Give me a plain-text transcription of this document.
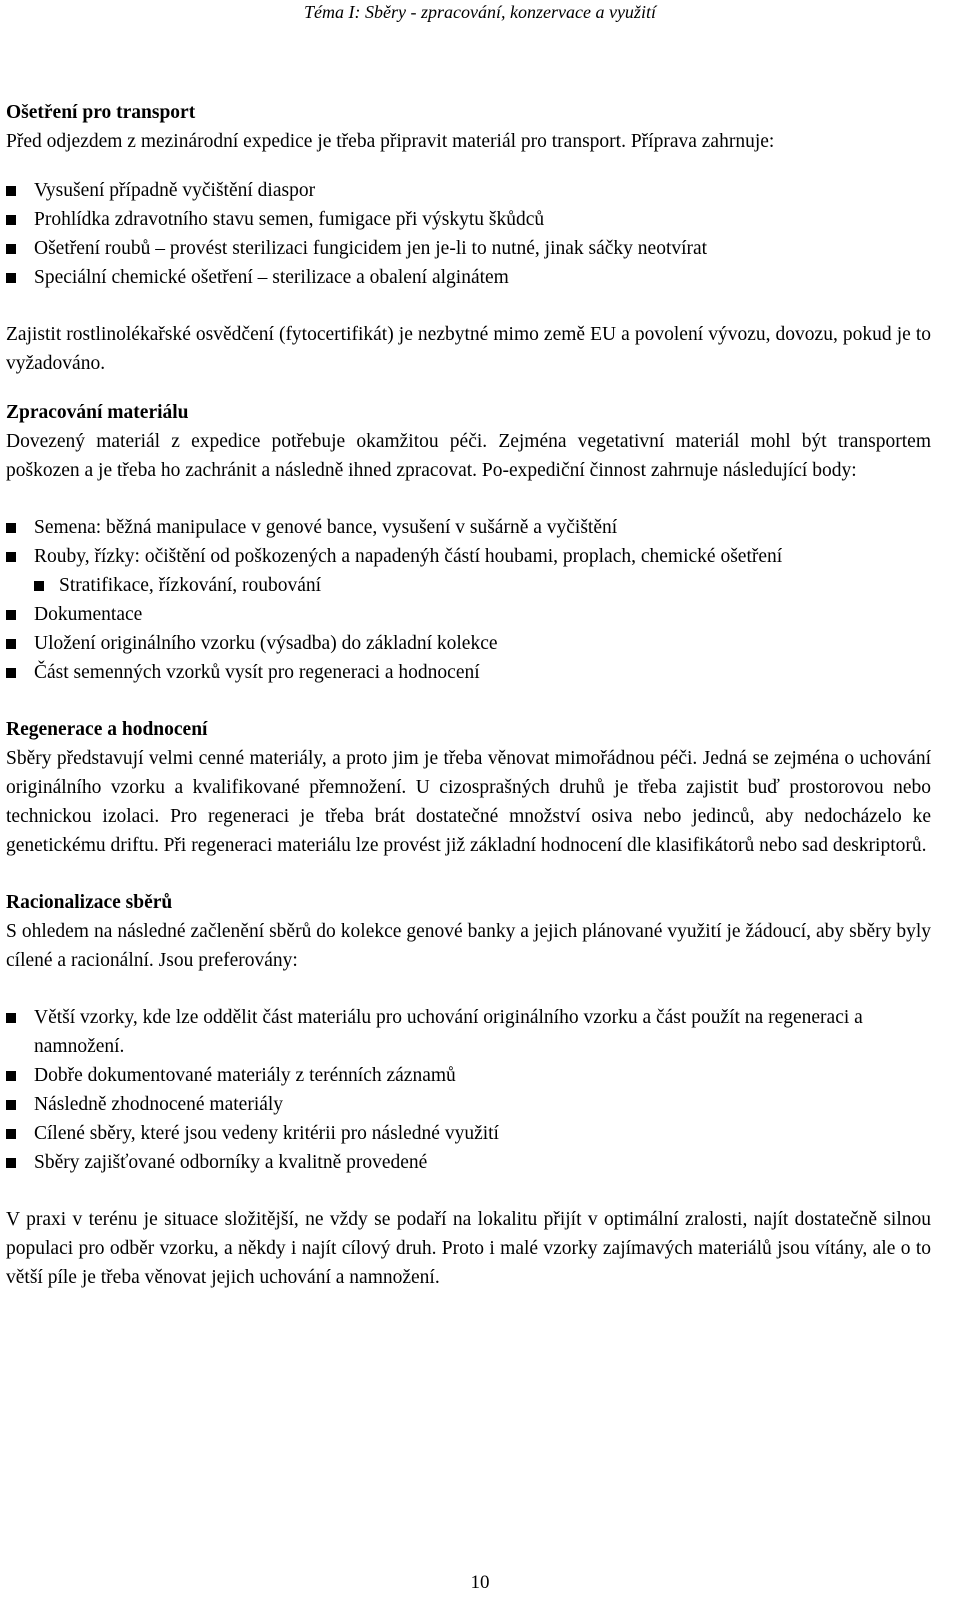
Téma I: Sběry - zpracování, konzervace a využití
Ošetření pro transport

Před odjezdem z mezinárodní expedice je třeba připravit materiál pro transport. Příprava zahrnuje:

Vysušení případně vyčištění diaspor
Prohlídka zdravotního stavu semen, fumigace při výskytu škůdců
Ošetření roubů – provést sterilizaci fungicidem jen je-li to nutné, jinak sáčky neotvírat
Speciální chemické ošetření – sterilizace a obalení alginátem

Zajistit rostlinolékařské osvědčení (fytocertifikát) je nezbytné mimo země EU a povolení vývozu, dovozu, pokud je to vyžadováno.

Zpracování materiálu

Dovezený materiál z expedice potřebuje okamžitou péči. Zejména vegetativní materiál mohl být transportem poškozen a je třeba ho zachránit a následně ihned zpracovat. Po-expediční činnost zahrnuje následující body:

Semena: běžná manipulace v genové bance, vysušení v sušárně a vyčištění
Rouby, řízky: očištění od poškozených a napadenýh částí houbami, proplach, chemické ošetření
Stratifikace, řízkování, roubování
Dokumentace
Uložení originálního vzorku (výsadba) do základní kolekce
Část semenných vzorků vysít pro regeneraci a hodnocení
Regenerace a hodnocení

Sběry představují velmi cenné materiály, a proto jim je třeba věnovat mimořádnou péči. Jedná se zejména o uchování originálního vzorku a kvalifikované přemnožení. U cizosprašných druhů je třeba zajistit buď prostorovou nebo technickou izolaci. Pro regeneraci je třeba brát dostatečné množství osiva nebo jedinců, aby nedocházelo ke genetickému driftu. Při regeneraci materiálu lze provést již základní hodnocení dle klasifikátorů nebo sad deskriptorů.

Racionalizace sběrů

S ohledem na následné začlenění sběrů do kolekce genové banky a jejich plánované využití je žádoucí, aby sběry byly cílené a racionální. Jsou preferovány:

Větší vzorky, kde lze oddělit část materiálu pro uchování originálního vzorku a část použít na regeneraci a namnožení.
Dobře dokumentované materiály z terénních záznamů
Následně zhodnocené materiály
Cílené sběry, které jsou vedeny kritérii pro následné využití
Sběry zajišťované odborníky a kvalitně provedené

V praxi v terénu je situace složitější, ne vždy se podaří na lokalitu přijít v optimální zralosti, najít dostatečně silnou populaci pro odběr vzorku, a někdy i najít cílový druh. Proto i malé vzorky zajímavých materiálů jsou vítány, ale o to větší píle je třeba věnovat jejich uchování a namnožení.

10
